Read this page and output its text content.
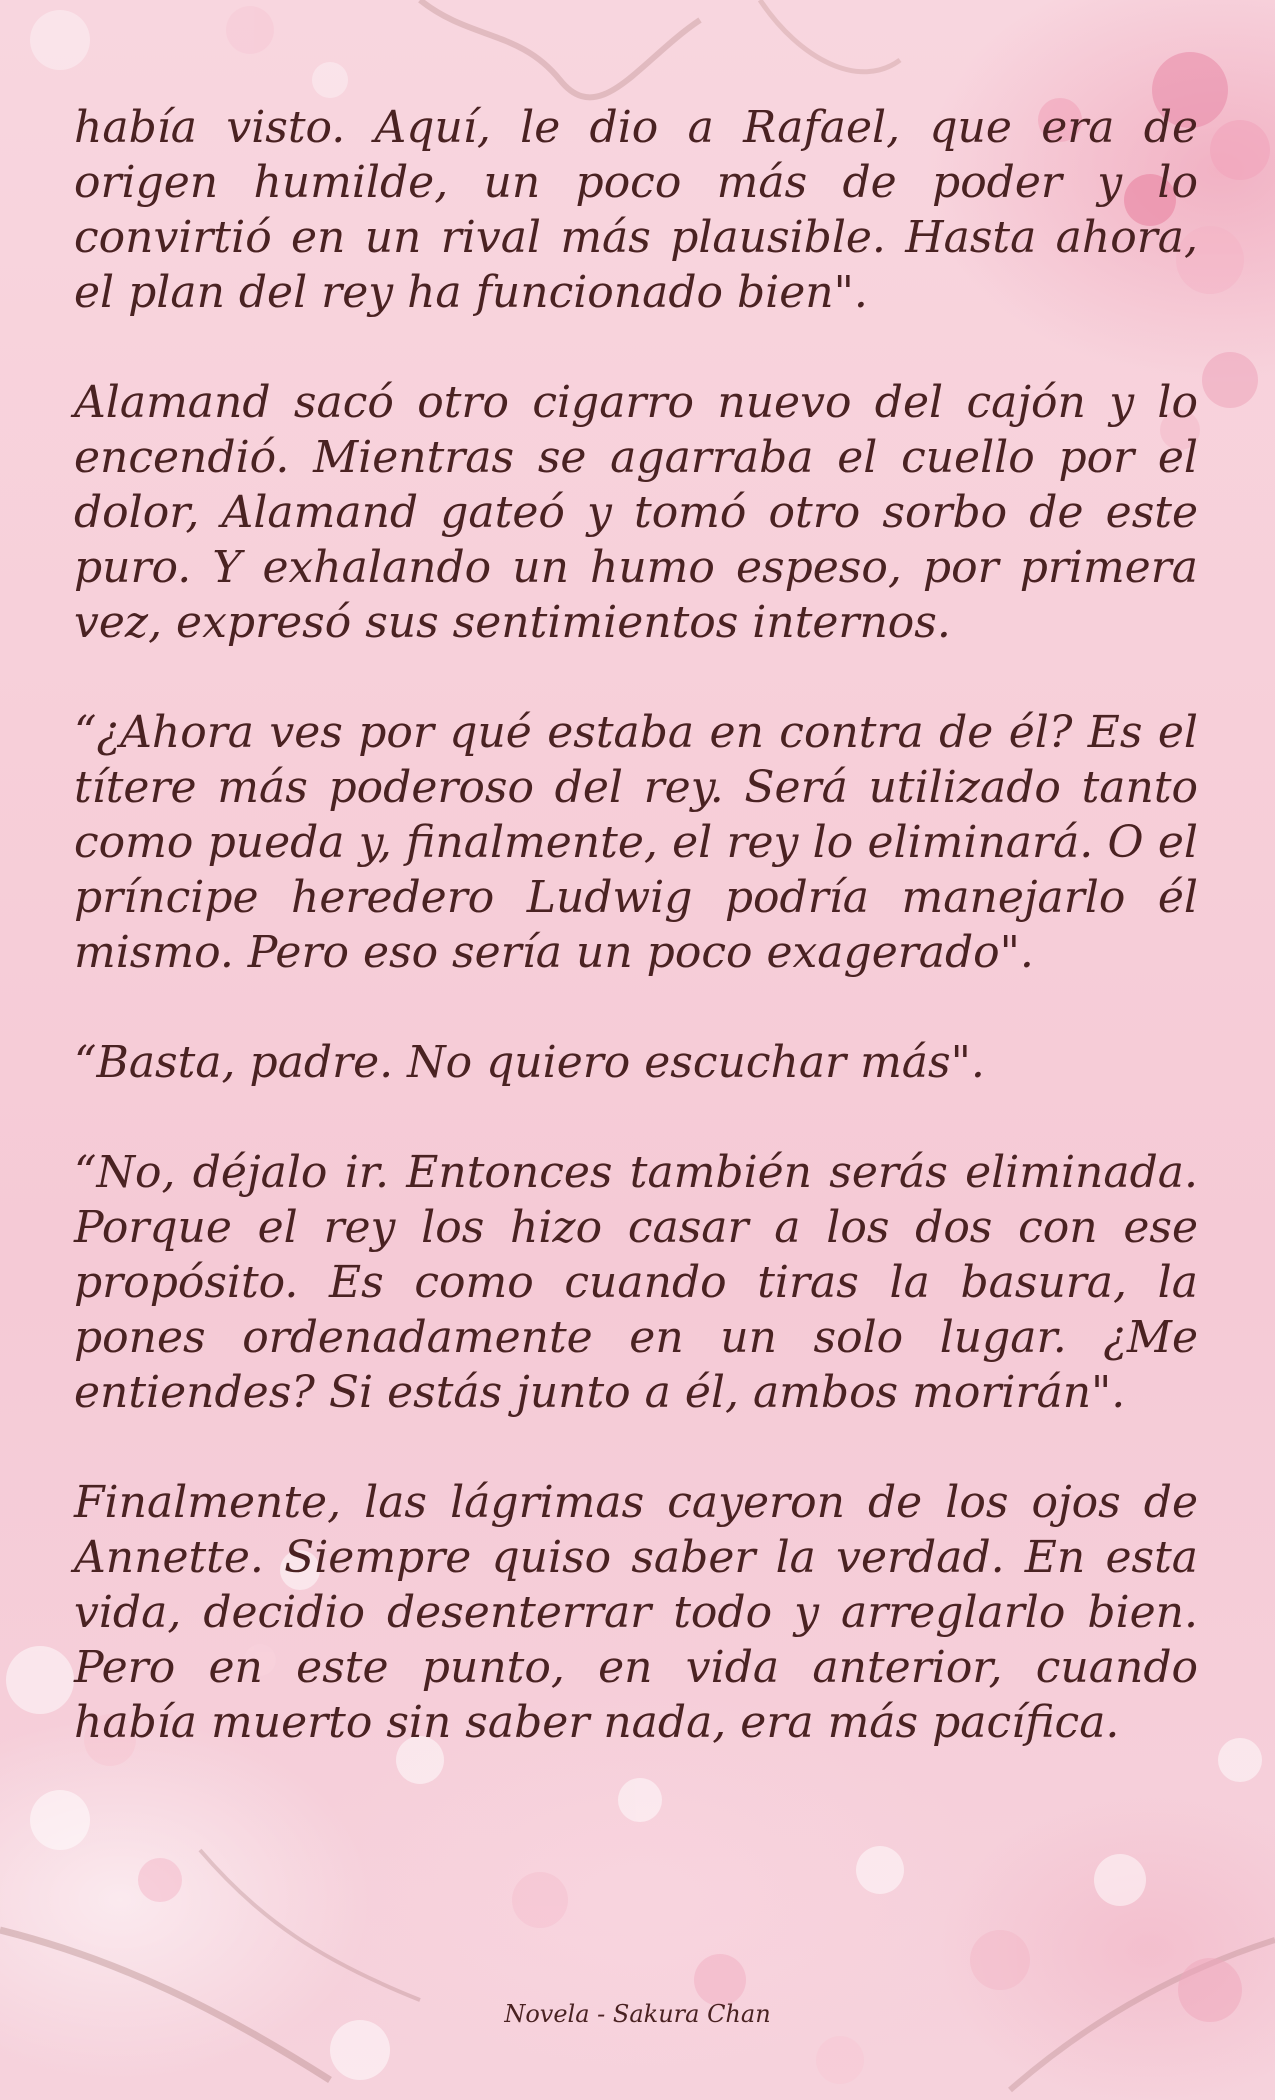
había visto. Aquí, le dio a Rafael, que era de origen humilde, un poco más de poder y lo convirtió en un rival más plausible. Hasta ahora, el plan del rey ha funcionado bien".

Alamand sacó otro cigarro nuevo del cajón y lo encendió. Mientras se agarraba el cuello por el dolor, Alamand gateó y tomó otro sorbo de este puro. Y exhalando un humo espeso, por primera vez, expresó sus sentimientos internos.

“¿Ahora ves por qué estaba en contra de él? Es el títere más poderoso del rey. Será utilizado tanto como pueda y, finalmente, el rey lo eliminará. O el príncipe heredero Ludwig podría manejarlo él mismo. Pero eso sería un poco exagerado".

“Basta, padre. No quiero escuchar más".

“No, déjalo ir. Entonces también serás eliminada. Porque el rey los hizo casar a los dos con ese propósito. Es como cuando tiras la basura, la pones ordenadamente en un solo lugar. ¿Me entiendes? Si estás junto a él, ambos morirán".

Finalmente, las lágrimas cayeron de los ojos de Annette. Siempre quiso saber la verdad. En esta vida, decidio desenterrar todo y arreglarlo bien. Pero en este punto, en vida anterior, cuando había muerto sin saber nada, era más pacífica.

Novela - Sakura Chan
